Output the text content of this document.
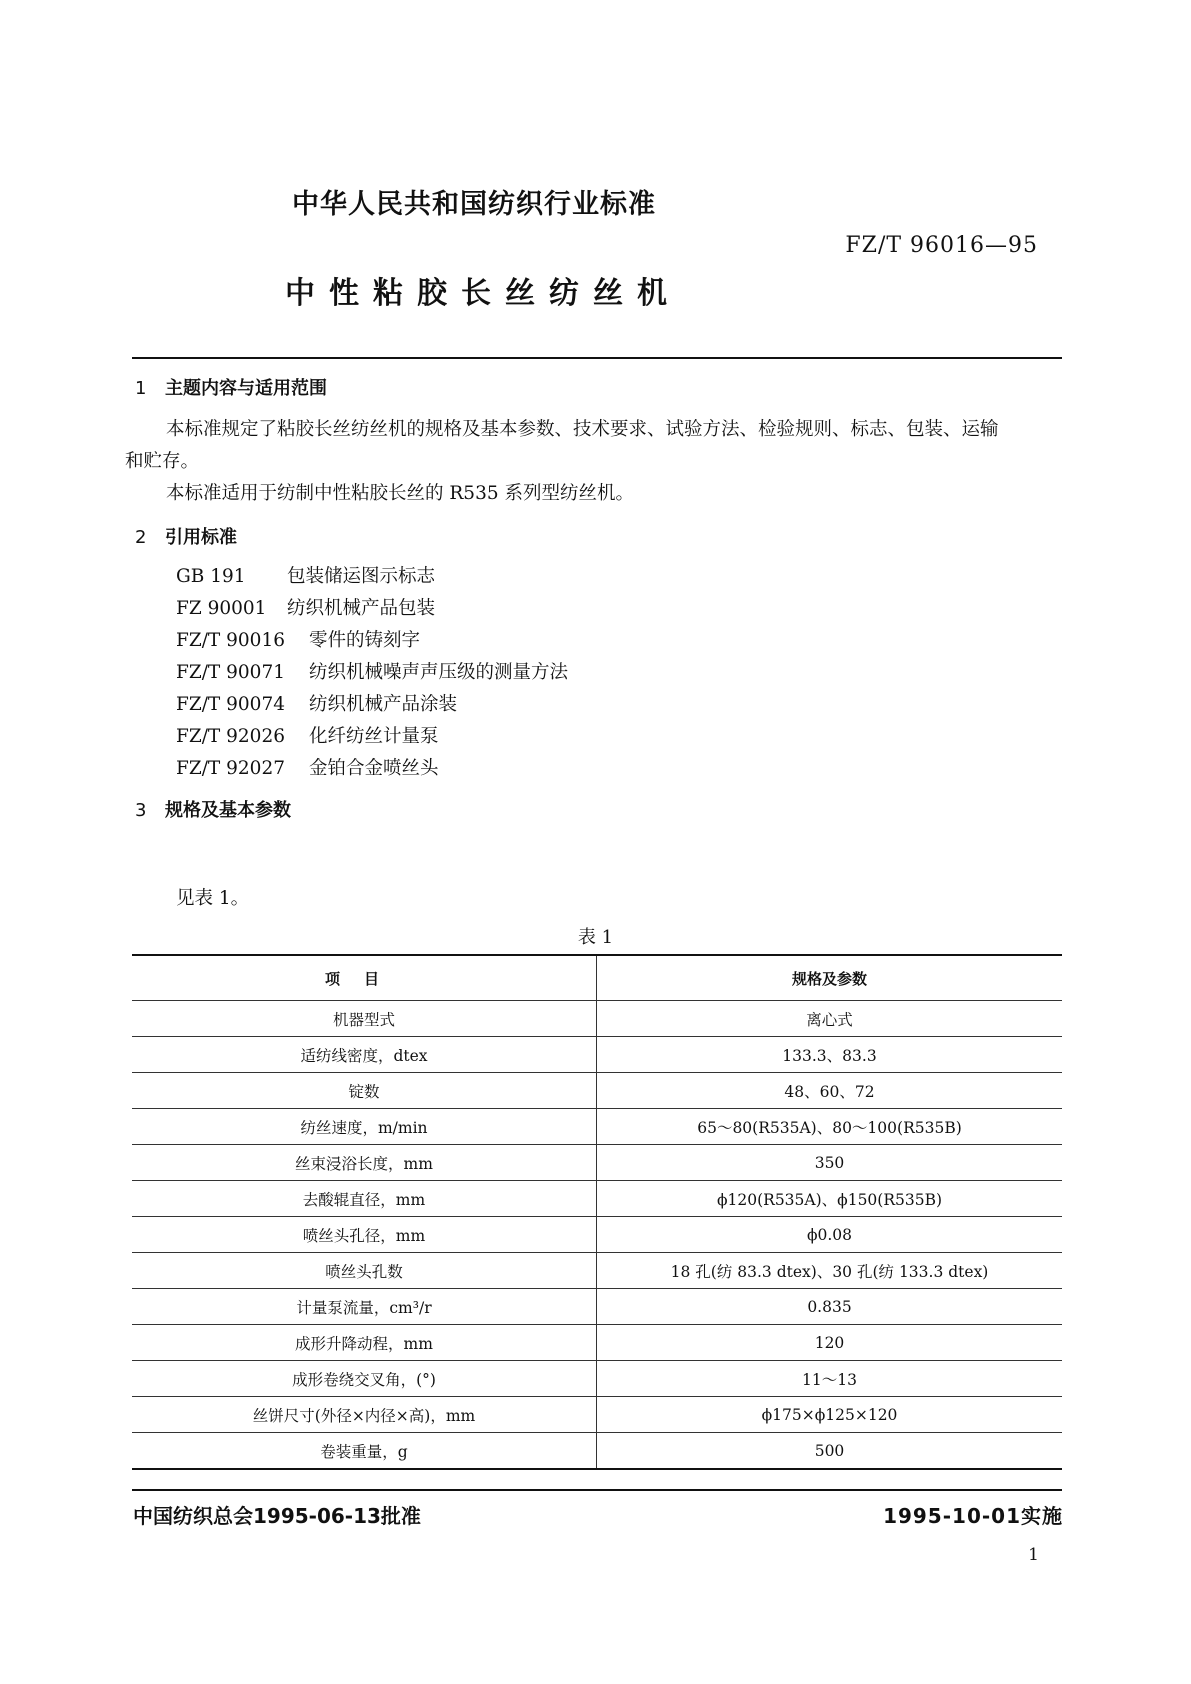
中华人民共和国纺织行业标准
FZ/T 96016—95
中性粘胶长丝纺丝机
1 主题内容与适用范围
本标准规定了粘胶长丝纺丝机的规格及基本参数、技术要求、试验方法、检验规则、标志、包装、运输
和贮存。
本标准适用于纺制中性粘胶长丝的 R535 系列型纺丝机。
2 引用标准
GB 191 包装储运图示标志
FZ 90001 纺织机械产品包装
FZ/T 90016 零件的铸刻字
FZ/T 90071 纺织机械噪声声压级的测量方法
FZ/T 90074 纺织机械产品涂装
FZ/T 92026 化纤纺丝计量泵
FZ/T 92027 金铂合金喷丝头
3 规格及基本参数
见表 1。
表 1
项目	规格及参数
机器型式	离心式
适纺线密度，dtex	133.3、83.3
锭数	48、60、72
纺丝速度，m/min	65～80(R535A)、80～100(R535B)
丝束浸浴长度，mm	350
去酸辊直径，mm	ϕ120(R535A)、ϕ150(R535B)
喷丝头孔径，mm	ϕ0.08
喷丝头孔数	18 孔(纺 83.3 dtex)、30 孔(纺 133.3 dtex)
计量泵流量，cm³/r	0.835
成形升降动程，mm	120
成形卷绕交叉角，(°)	11～13
丝饼尺寸(外径×内径×高)，mm	ϕ175×ϕ125×120
卷装重量，g	500
中国纺织总会1995-06-13批准	1995-10-01实施
1
